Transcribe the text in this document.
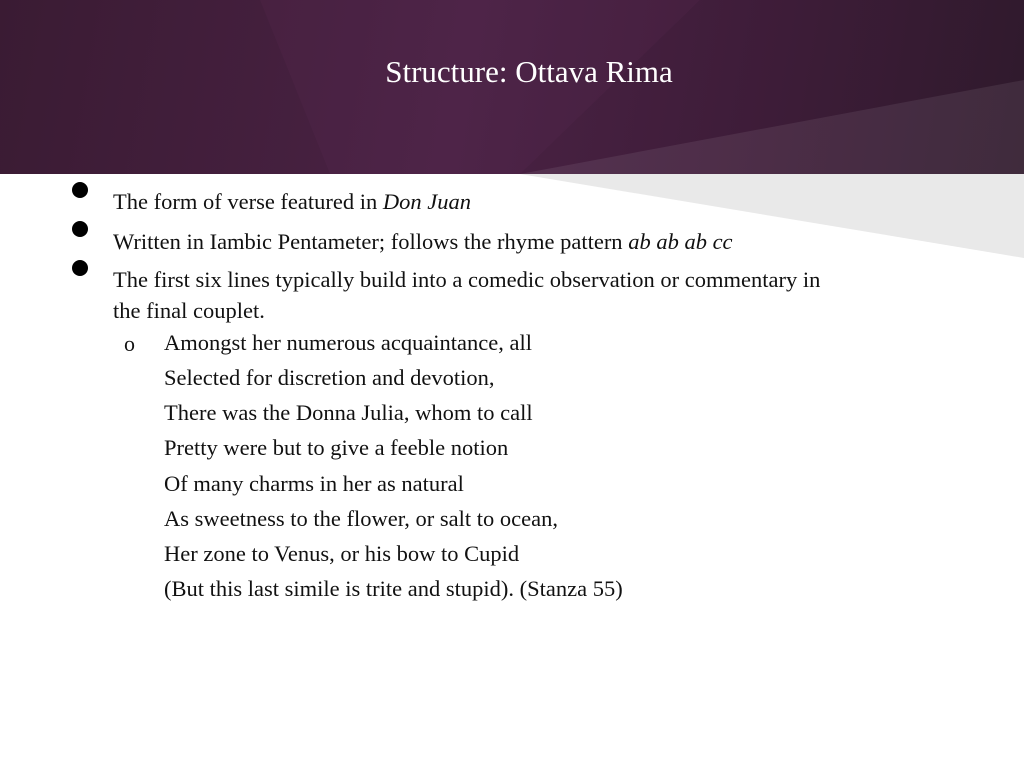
Structure: Ottava Rima
The form of verse featured in Don Juan
Written in Iambic Pentameter; follows the rhyme pattern ab ab ab cc
The first six lines typically build into a comedic observation or commentary in the final couplet.
o Amongst her numerous acquaintance, all
Selected for discretion and devotion,
There was the Donna Julia, whom to call
Pretty were but to give a feeble notion
Of many charms in her as natural
As sweetness to the flower, or salt to ocean,
Her zone to Venus, or his bow to Cupid
(But this last simile is trite and stupid). (Stanza 55)
